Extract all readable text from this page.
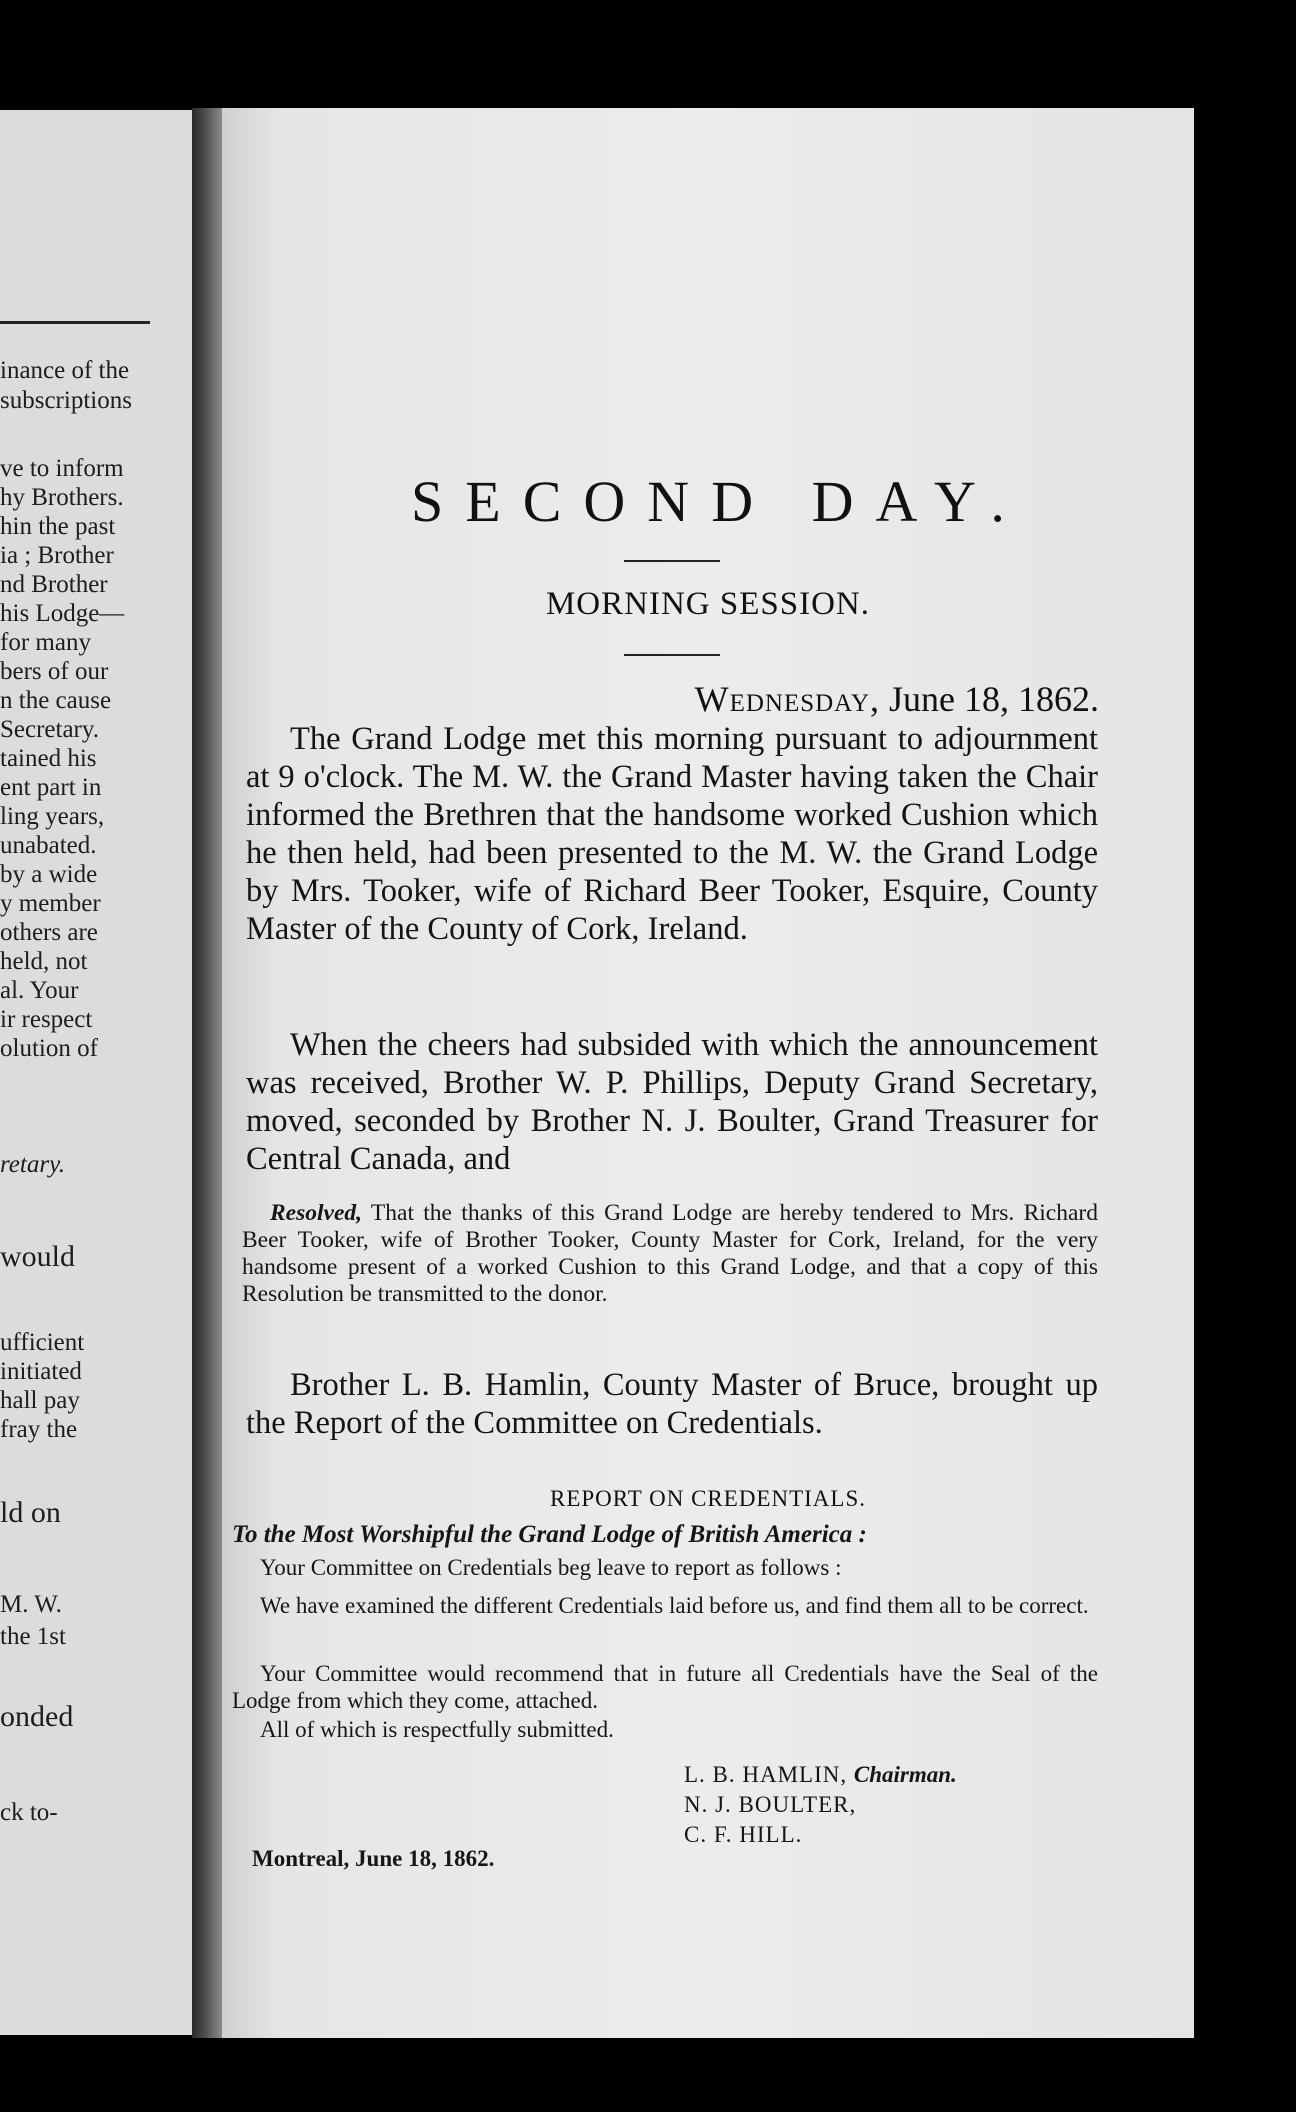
inance of the
subscriptions
ve to inform
hy Brothers.
hin the past
ia ; Brother
nd Brother
his Lodge—
for many
bers of our
n the cause
Secretary.
tained his
ent part in
ling years,
unabated.
by a wide
y member
others are
held, not
al. Your
ir respect
olution of
retary.
would
ufficient
initiated
hall pay
fray the
ld on
M. W.
the 1st
onded
ck to-
SECOND DAY.
MORNING SESSION.
Wednesday, June 18, 1862.
The Grand Lodge met this morning pursuant to adjournment at 9 o'clock. The M. W. the Grand Master having taken the Chair informed the Brethren that the handsome worked Cushion which he then held, had been presented to the M. W. the Grand Lodge by Mrs. Tooker, wife of Richard Beer Tooker, Esquire, County Master of the County of Cork, Ireland.
When the cheers had subsided with which the announcement was received, Brother W. P. Phillips, Deputy Grand Secretary, moved, seconded by Brother N. J. Boulter, Grand Treasurer for Central Canada, and
Resolved, That the thanks of this Grand Lodge are hereby tendered to Mrs. Richard Beer Tooker, wife of Brother Tooker, County Master for Cork, Ireland, for the very handsome present of a worked Cushion to this Grand Lodge, and that a copy of this Resolution be transmitted to the donor.
Brother L. B. Hamlin, County Master of Bruce, brought up the Report of the Committee on Credentials.
REPORT ON CREDENTIALS.
To the Most Worshipful the Grand Lodge of British America :
Your Committee on Credentials beg leave to report as follows :
We have examined the different Credentials laid before us, and find them all to be correct.
Your Committee would recommend that in future all Credentials have the Seal of the Lodge from which they come, attached.
All of which is respectfully submitted.
L. B. HAMLIN, Chairman.
N. J. BOULTER,
C. F. HILL.
Montreal, June 18, 1862.
